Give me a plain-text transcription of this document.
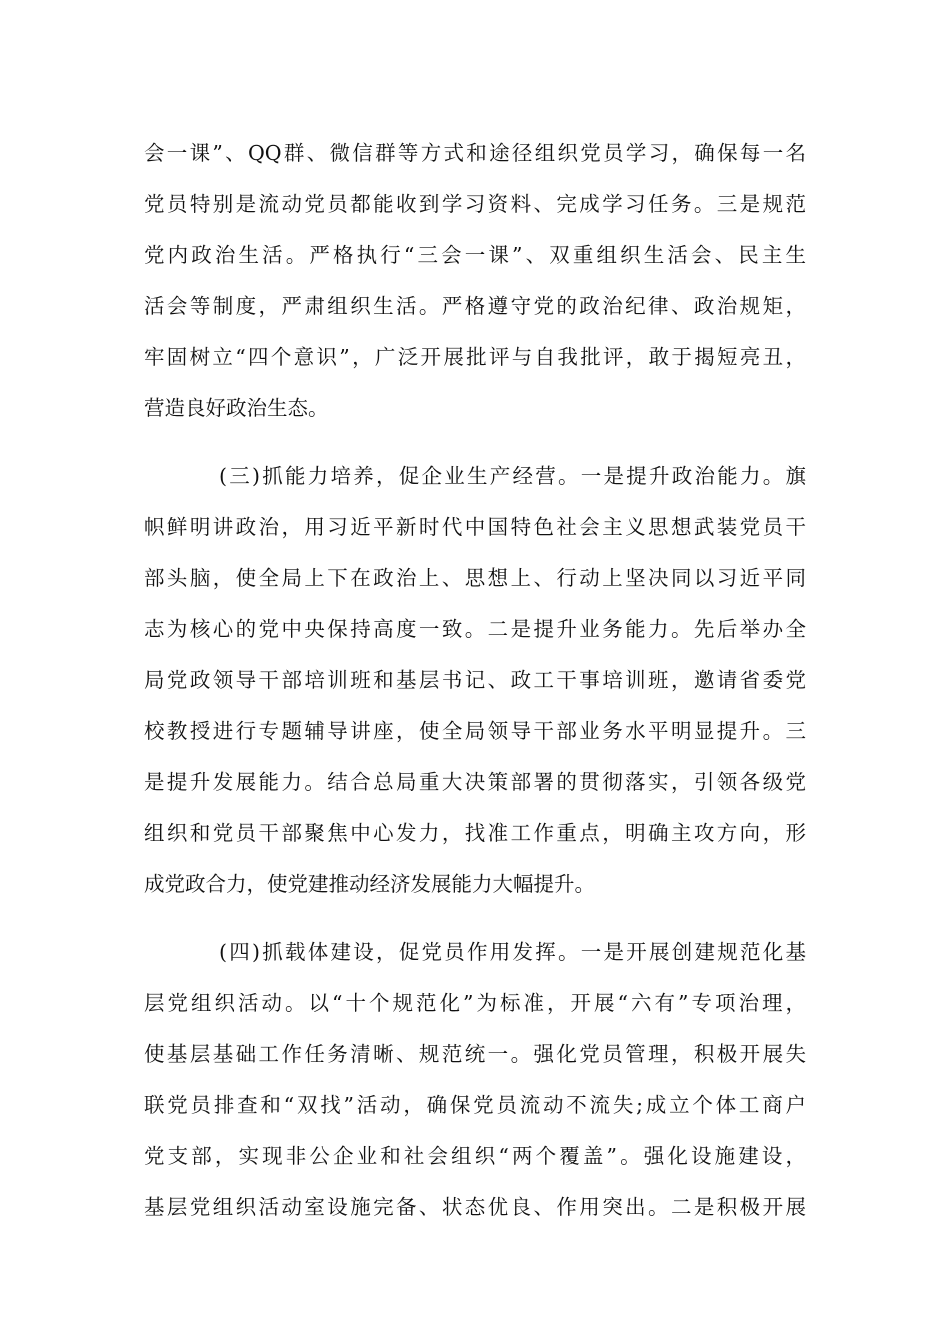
会一课”、QQ群、微信群等方式和途径组织党员学习，确保每一名
党员特别是流动党员都能收到学习资料、完成学习任务。三是规范
党内政治生活。严格执行“三会一课”、双重组织生活会、民主生
活会等制度，严肃组织生活。严格遵守党的政治纪律、政治规矩，
牢固树立“四个意识”，广泛开展批评与自我批评，敢于揭短亮丑，
营造良好政治生态。
(三)抓能力培养，促企业生产经营。一是提升政治能力。旗
帜鲜明讲政治，用习近平新时代中国特色社会主义思想武装党员干
部头脑，使全局上下在政治上、思想上、行动上坚决同以习近平同
志为核心的党中央保持高度一致。二是提升业务能力。先后举办全
局党政领导干部培训班和基层书记、政工干事培训班，邀请省委党
校教授进行专题辅导讲座，使全局领导干部业务水平明显提升。三
是提升发展能力。结合总局重大决策部署的贯彻落实，引领各级党
组织和党员干部聚焦中心发力，找准工作重点，明确主攻方向，形
成党政合力，使党建推动经济发展能力大幅提升。
(四)抓载体建设，促党员作用发挥。一是开展创建规范化基
层党组织活动。以“十个规范化”为标准，开展“六有”专项治理，
使基层基础工作任务清晰、规范统一。强化党员管理，积极开展失
联党员排查和“双找”活动，确保党员流动不流失;成立个体工商户
党支部，实现非公企业和社会组织“两个覆盖”。强化设施建设，
基层党组织活动室设施完备、状态优良、作用突出。二是积极开展
